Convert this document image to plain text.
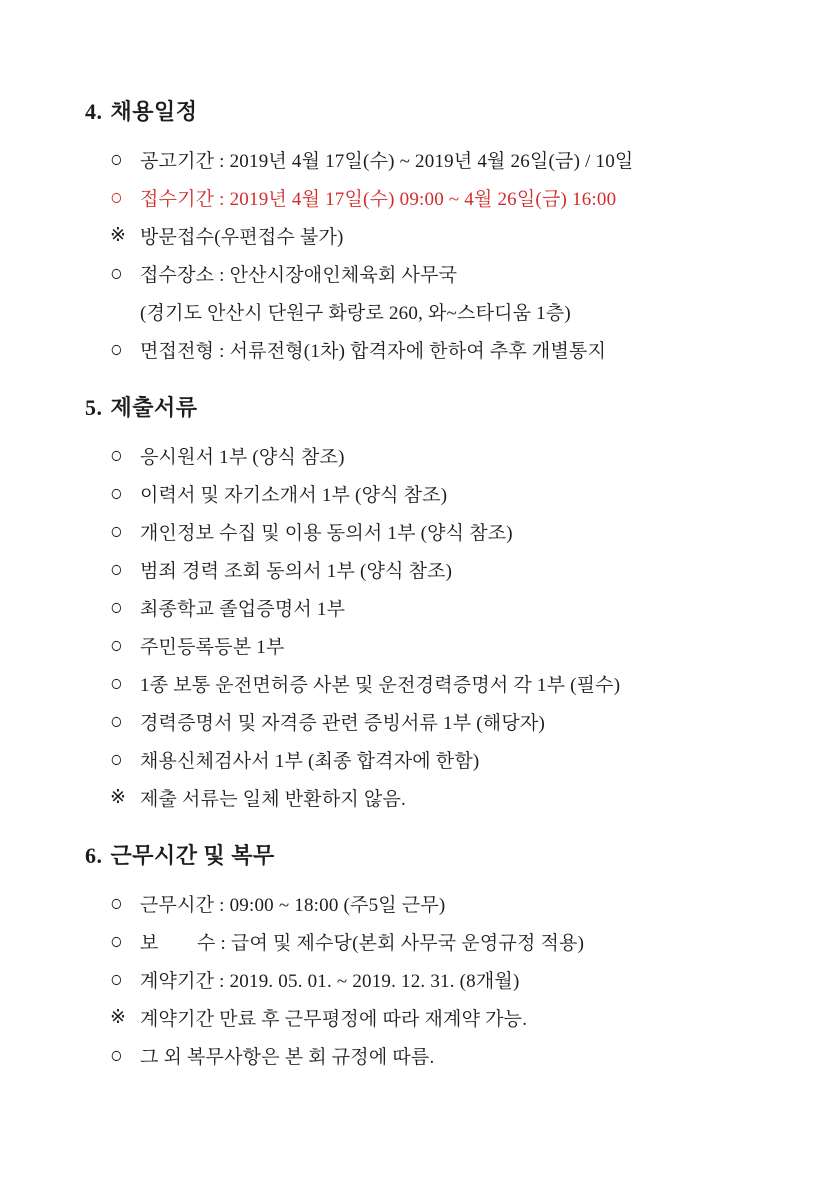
4. 채용일정
○ 공고기간 : 2019년 4월 17일(수) ~ 2019년 4월 26일(금) / 10일
○ 접수기간 : 2019년 4월 17일(수) 09:00 ~ 4월 26일(금) 16:00
※ 방문접수(우편접수 불가)
○ 접수장소 : 안산시장애인체육회 사무국
(경기도 안산시 단원구 화랑로 260, 와~스타디움 1층)
○ 면접전형 : 서류전형(1차) 합격자에 한하여 추후 개별통지
5. 제출서류
○ 응시원서 1부 (양식 참조)
○ 이력서 및 자기소개서 1부 (양식 참조)
○ 개인정보 수집 및 이용 동의서 1부 (양식 참조)
○ 범죄 경력 조회 동의서 1부 (양식 참조)
○ 최종학교 졸업증명서 1부
○ 주민등록등본 1부
○ 1종 보통 운전면허증 사본 및 운전경력증명서 각 1부 (필수)
○ 경력증명서 및 자격증 관련 증빙서류 1부 (해당자)
○ 채용신체검사서 1부 (최종 합격자에 한함)
※ 제출 서류는 일체 반환하지 않음.
6. 근무시간 및 복무
○ 근무시간 : 09:00 ~ 18:00 (주5일 근무)
○ 보　　수 : 급여 및 제수당(본회 사무국 운영규정 적용)
○ 계약기간 : 2019. 05. 01. ~ 2019. 12. 31. (8개월)
※ 계약기간 만료 후 근무평정에 따라 재계약 가능.
○ 그 외 복무사항은 본 회 규정에 따름.
